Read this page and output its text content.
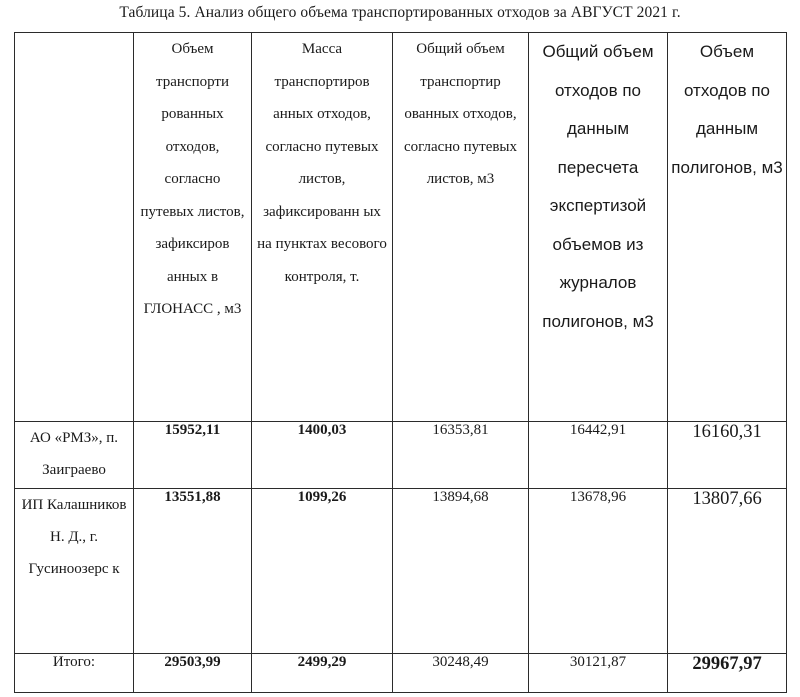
Таблица 5. Анализ общего объема транспортированных отходов за АВГУСТ 2021 г.
	Объем транспорти рованных отходов, согласно путевых листов, зафиксиров анных в ГЛОНАСС , м3	Масса транспортиров анных отходов, согласно путевых листов, зафиксированн ых на пунктах весового контроля, т.	Общий объем транспортир ованных отходов, согласно путевых листов, м3	Общий объем отходов по данным пересчета экспертизой объемов из журналов полигонов, м3	Объем отходов по данным полигонов, м3
АО «РМЗ», п. Заиграево	15952,11	1400,03	16353,81	16442,91	16160,31
ИП Калашников Н. Д., г. Гусиноозерс к	13551,88	1099,26	13894,68	13678,96	13807,66
Итого:	29503,99	2499,29	30248,49	30121,87	29967,97
